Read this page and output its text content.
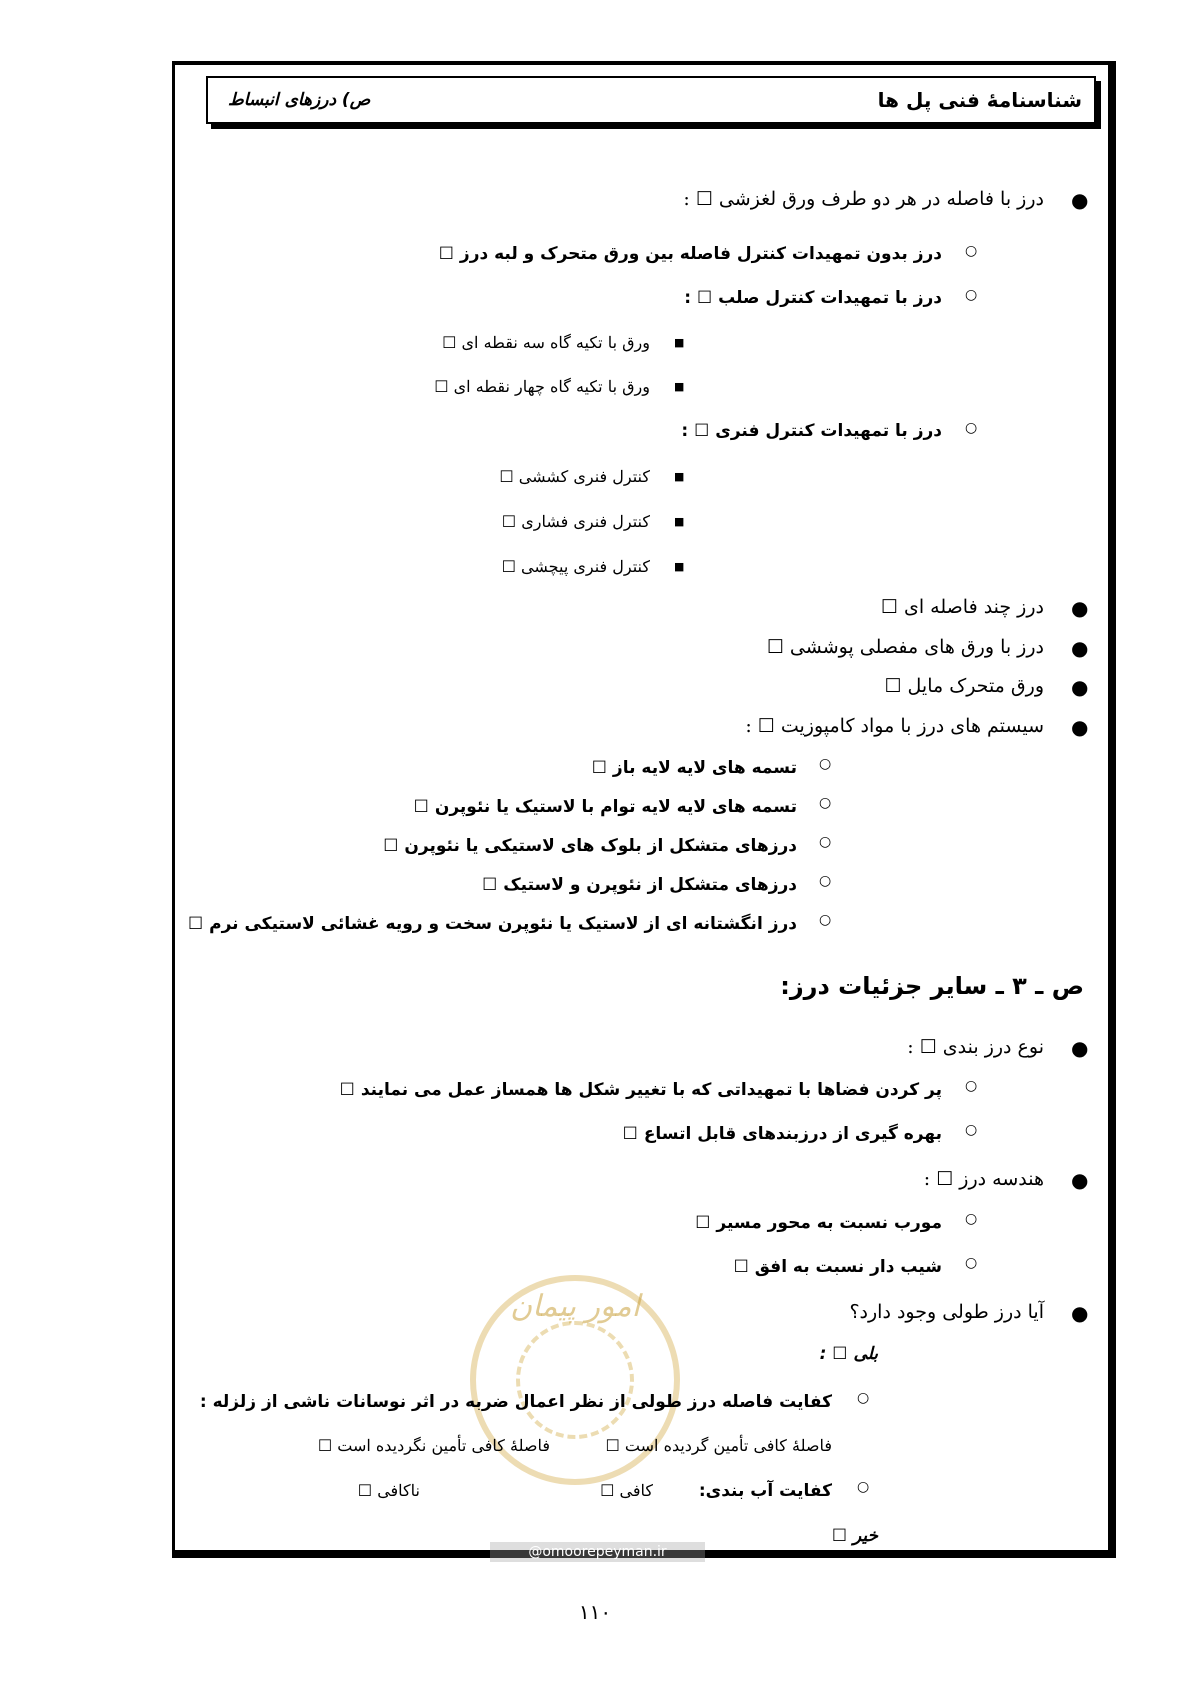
شناسنامۀ فنی پل ها
ص) درزهای انبساط
امور پیمان
@omoorepeyman.ir
●
درز با فاصله در هر دو طرف ورق لغزشی ☐ :
○
درز بدون تمهیدات کنترل فاصله بین ورق متحرک و لبه درز ☐
○
درز با تمهیدات کنترل صلب ☐ :
■
ورق با تکیه گاه سه نقطه ای ☐
■
ورق با تکیه گاه چهار نقطه ای ☐
○
درز با تمهیدات کنترل فنری ☐ :
■
کنترل فنری کششی ☐
■
کنترل فنری فشاری ☐
■
کنترل فنری پیچشی ☐
●
درز چند فاصله ای ☐
●
درز با ورق های مفصلی پوششی ☐
●
ورق متحرک مایل ☐
●
سیستم های درز با مواد کامپوزیت ☐ :
○
تسمه های لایه لایه باز ☐
○
تسمه های لایه لایه توام با لاستیک یا نئوپرن ☐
○
درزهای متشکل از بلوک های لاستیکی یا نئوپرن ☐
○
درزهای متشکل از نئوپرن و لاستیک ☐
○
درز انگشتانه ای از لاستیک یا نئوپرن سخت و رویه غشائی لاستیکی نرم ☐
ص ـ ٣ ـ سایر جزئیات درز:
●
نوع درز بندی ☐ :
○
پر کردن فضاها با تمهیداتی که با تغییر شکل ها همساز عمل می نمایند ☐
○
بهره گیری از درزبندهای قابل اتساع ☐
●
هندسه درز ☐ :
○
مورب نسبت به محور مسیر ☐
○
شیب دار نسبت به افق ☐
●
آیا درز طولی وجود دارد؟
بلی ☐ :
○
کفایت فاصله درز طولی از نظر اعمال ضربه در اثر نوسانات ناشی از زلزله :
فاصلۀ کافی تأمین گردیده است ☐
فاصلۀ کافی تأمین نگردیده است ☐
○
کفایت آب بندی:
کافی ☐
ناکافی ☐
خیر ☐
١١٠
